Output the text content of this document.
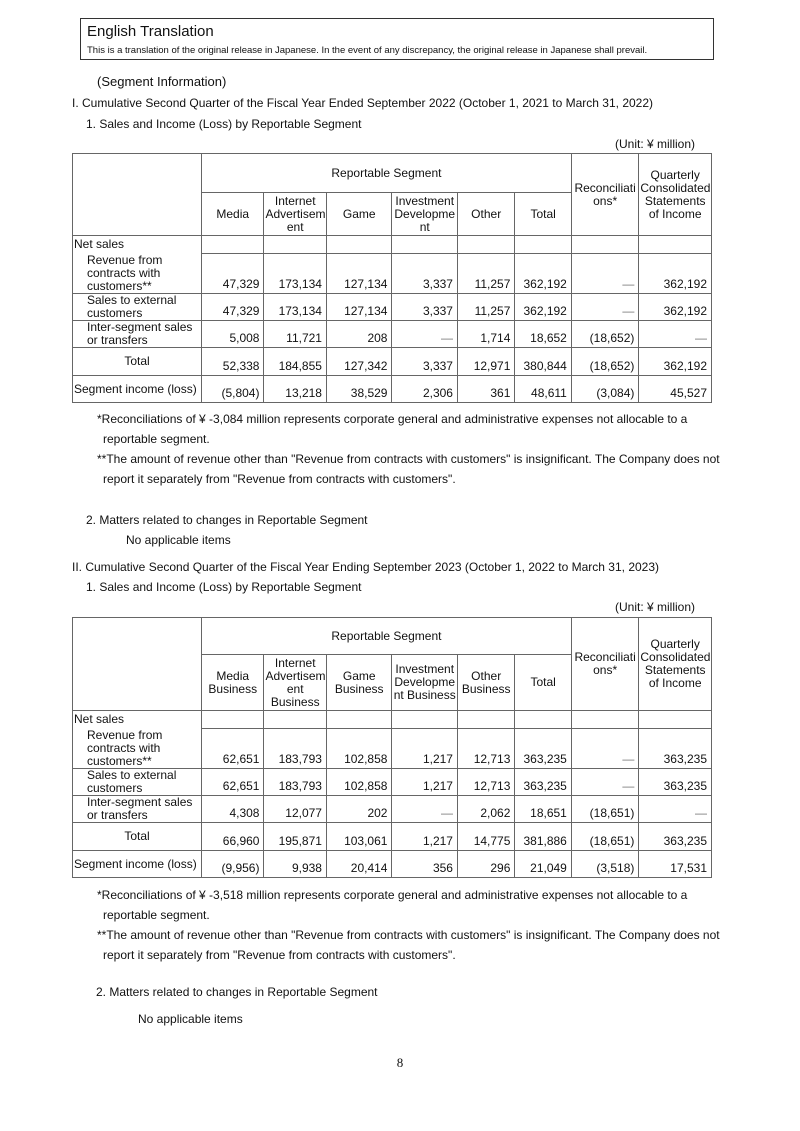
English Translation
This is a translation of the original release in Japanese. In the event of any discrepancy, the original release in Japanese shall prevail.
(Segment Information)
I. Cumulative Second Quarter of the Fiscal Year Ended September 2022 (October 1, 2021 to March 31, 2022)
1. Sales and Income (Loss) by Reportable Segment
(Unit: ¥ million)
	Reportable Segment						Reconciliati ons*	Quarterly Consolidated Statements of Income
	Media	Internet Advertisem ent	Game	Investment Developme nt	Other	Total		
Net sales								
Revenue from contracts with customers**	47,329	173,134	127,134	3,337	11,257	362,192	―	362,192
Sales to external customers	47,329	173,134	127,134	3,337	11,257	362,192	―	362,192
Inter-segment sales or transfers	5,008	11,721	208	―	1,714	18,652	(18,652)	―
Total	52,338	184,855	127,342	3,337	12,971	380,844	(18,652)	362,192
Segment income (loss)	(5,804)	13,218	38,529	2,306	361	48,611	(3,084)	45,527
*Reconciliations of ¥ -3,084 million represents corporate general and administrative expenses not allocable to a
reportable segment.
**The amount of revenue other than "Revenue from contracts with customers" is insignificant. The Company does not
report it separately from "Revenue from contracts with customers".
2. Matters related to changes in Reportable Segment
No applicable items
II. Cumulative Second Quarter of the Fiscal Year Ending September 2023 (October 1, 2022 to March 31, 2023)
1. Sales and Income (Loss) by Reportable Segment
(Unit: ¥ million)
	Reportable Segment						Reconciliati ons*	Quarterly Consolidated Statements of Income
	Media Business	Internet Advertisem ent Business	Game Business	Investment Developme nt Business	Other Business	Total		
Net sales								
Revenue from contracts with customers**	62,651	183,793	102,858	1,217	12,713	363,235	―	363,235
Sales to external customers	62,651	183,793	102,858	1,217	12,713	363,235	―	363,235
Inter-segment sales or transfers	4,308	12,077	202	―	2,062	18,651	(18,651)	―
Total	66,960	195,871	103,061	1,217	14,775	381,886	(18,651)	363,235
Segment income (loss)	(9,956)	9,938	20,414	356	296	21,049	(3,518)	17,531
*Reconciliations of ¥ -3,518 million represents corporate general and administrative expenses not allocable to a
reportable segment.
**The amount of revenue other than "Revenue from contracts with customers" is insignificant. The Company does not
report it separately from "Revenue from contracts with customers".
2. Matters related to changes in Reportable Segment
No applicable items
8
